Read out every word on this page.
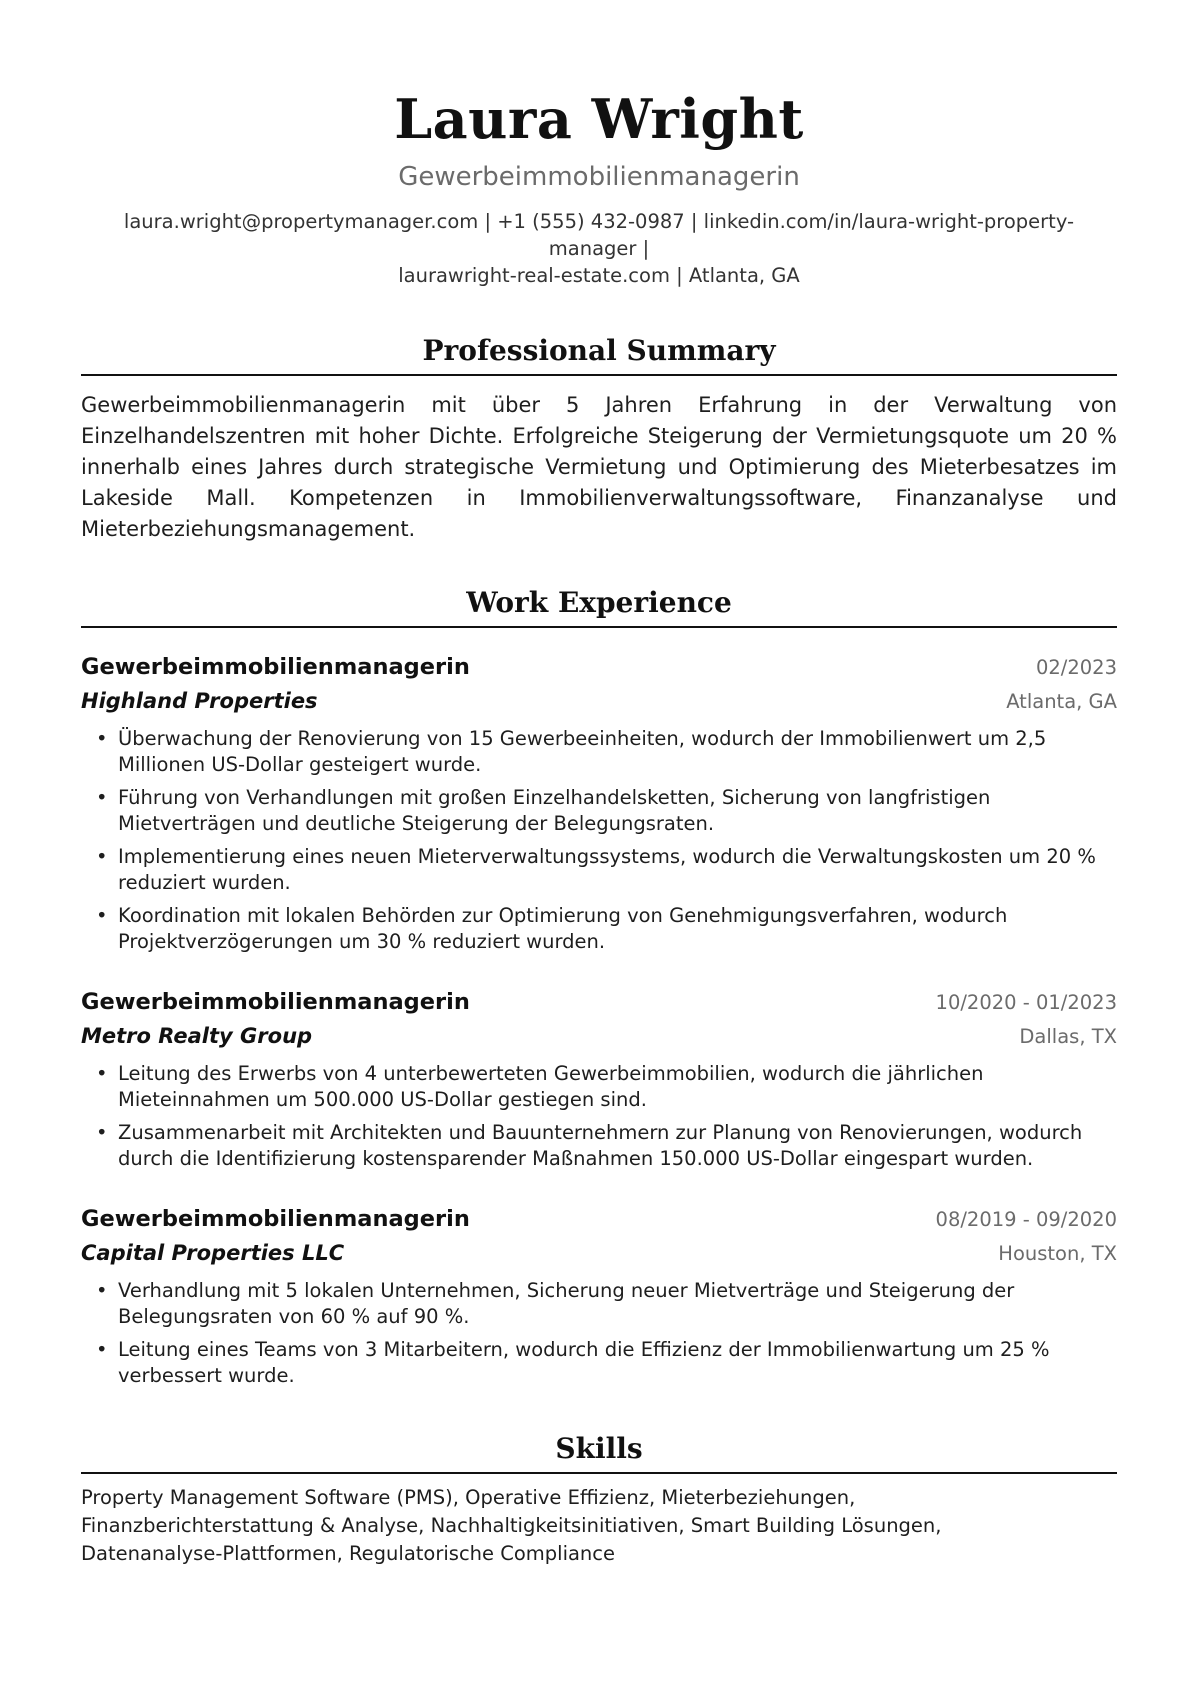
Laura Wright
Gewerbeimmobilienmanagerin
laura.wright@propertymanager.com | +1 (555) 432-0987 | linkedin.com/in/laura-wright-property-manager |
laurawright-real-estate.com | Atlanta, GA
Professional Summary
Gewerbeimmobilienmanagerin mit über 5 Jahren Erfahrung in der Verwaltung von Einzelhandelszentren mit hoher Dichte. Erfolgreiche Steigerung der Vermietungsquote um 20 % innerhalb eines Jahres durch strategische Vermietung und Optimierung des Mieterbesatzes im Lakeside Mall. Kompetenzen in Immobilienverwaltungssoftware, Finanzanalyse und Mieterbeziehungsmanagement.
Work Experience
Gewerbeimmobilienmanagerin	02/2023
Highland Properties	Atlanta, GA
• Überwachung der Renovierung von 15 Gewerbeeinheiten, wodurch der Immobilienwert um 2,5 Millionen US-Dollar gesteigert wurde.
• Führung von Verhandlungen mit großen Einzelhandelsketten, Sicherung von langfristigen Mietverträgen und deutliche Steigerung der Belegungsraten.
• Implementierung eines neuen Mieterverwaltungssystems, wodurch die Verwaltungskosten um 20 % reduziert wurden.
• Koordination mit lokalen Behörden zur Optimierung von Genehmigungsverfahren, wodurch Projektverzögerungen um 30 % reduziert wurden.
Gewerbeimmobilienmanagerin	10/2020 - 01/2023
Metro Realty Group	Dallas, TX
• Leitung des Erwerbs von 4 unterbewerteten Gewerbeimmobilien, wodurch die jährlichen Mieteinnahmen um 500.000 US-Dollar gestiegen sind.
• Zusammenarbeit mit Architekten und Bauunternehmern zur Planung von Renovierungen, wodurch durch die Identifizierung kostensparender Maßnahmen 150.000 US-Dollar eingespart wurden.
Gewerbeimmobilienmanagerin	08/2019 - 09/2020
Capital Properties LLC	Houston, TX
• Verhandlung mit 5 lokalen Unternehmen, Sicherung neuer Mietverträge und Steigerung der Belegungsraten von 60 % auf 90 %.
• Leitung eines Teams von 3 Mitarbeitern, wodurch die Effizienz der Immobilienwartung um 25 % verbessert wurde.
Skills
Property Management Software (PMS), Operative Effizienz, Mieterbeziehungen, Finanzberichterstattung & Analyse, Nachhaltigkeitsinitiativen, Smart Building Lösungen, Datenanalyse-Plattformen, Regulatorische Compliance
